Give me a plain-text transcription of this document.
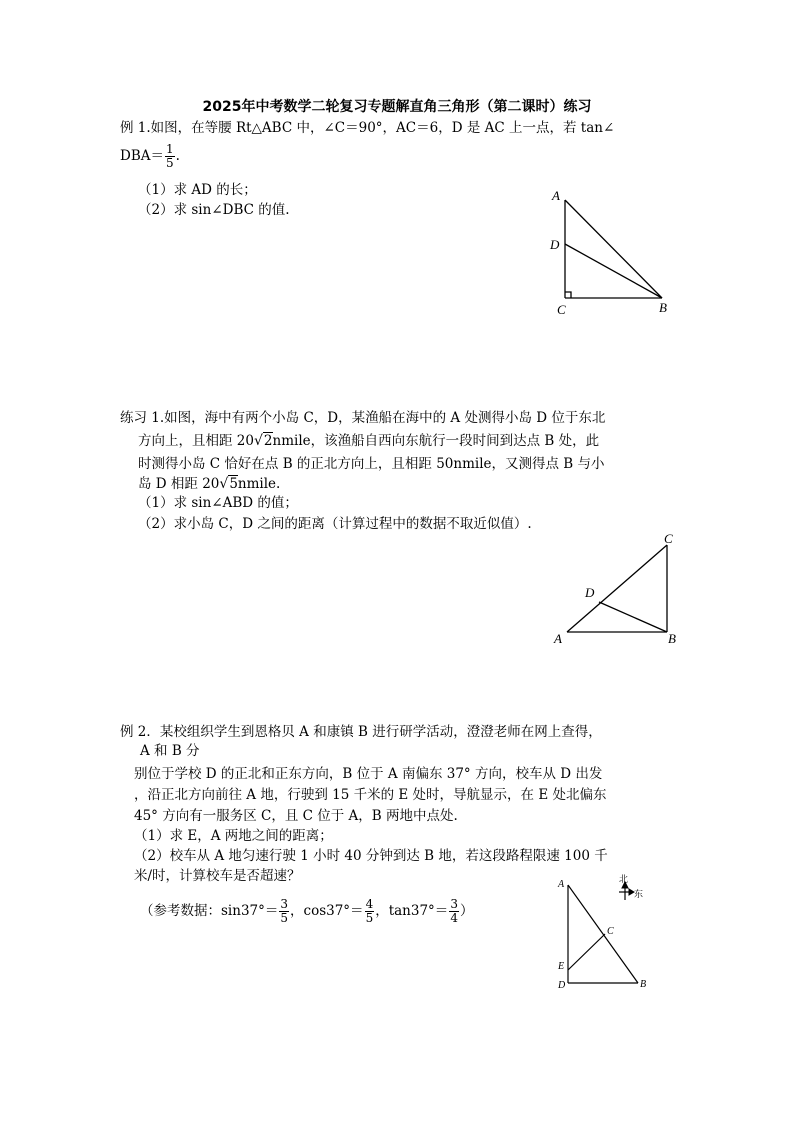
2025年中考数学二轮复习专题解直角三角形（第二课时）练习
例 1.如图，在等腰 Rt△ABC 中，∠C＝90°，AC＝6，D 是 AC 上一点，若 tan∠
$DBA= \frac{1}{5}$ .
（1）求 AD 的长；
（2）求 sin∠DBC 的值.
A
D
C	B
练习 1.如图，海中有两个小岛 C，D，某渔船在海中的 A 处测得小岛 D 位于东北
方向上，且相距 20√2nmile，该渔船自西向东航行一段时间到达点 B 处，此
时测得小岛 C 恰好在点 B 的正北方向上，且相距 50nmile，又测得点 B 与小
岛 D 相距 20√5nmile.
（1）求 sin∠ABD 的值；
（2）求小岛 C，D 之间的距离（计算过程中的数据不取近似值）.
C
D
A	B
例 2．某校组织学生到恩格贝 A 和康镇 B 进行研学活动，澄澄老师在网上查得，
A 和 B 分
别位于学校 D 的正北和正东方向，B 位于 A 南偏东 37° 方向，校车从 D 出发
，沿正北方向前往 A 地，行驶到 15 千米的 E 处时，导航显示，在 E 处北偏东
45° 方向有一服务区 C，且 C 位于 A，B 两地中点处.
（1）求 E，A 两地之间的距离；
（2）校车从 A 地匀速行驶 1 小时 40 分钟到达 B 地，若这段路程限速 100 千
米/时，计算校车是否超速？
（参考数据：$\sin 37^\circ= \frac{3}{5}$ ，$\cos 37^\circ= \frac{4}{5}$ ，$\tan 37^\circ= \frac{3}{4}$ ）
A
C
E
D	B
北
东
